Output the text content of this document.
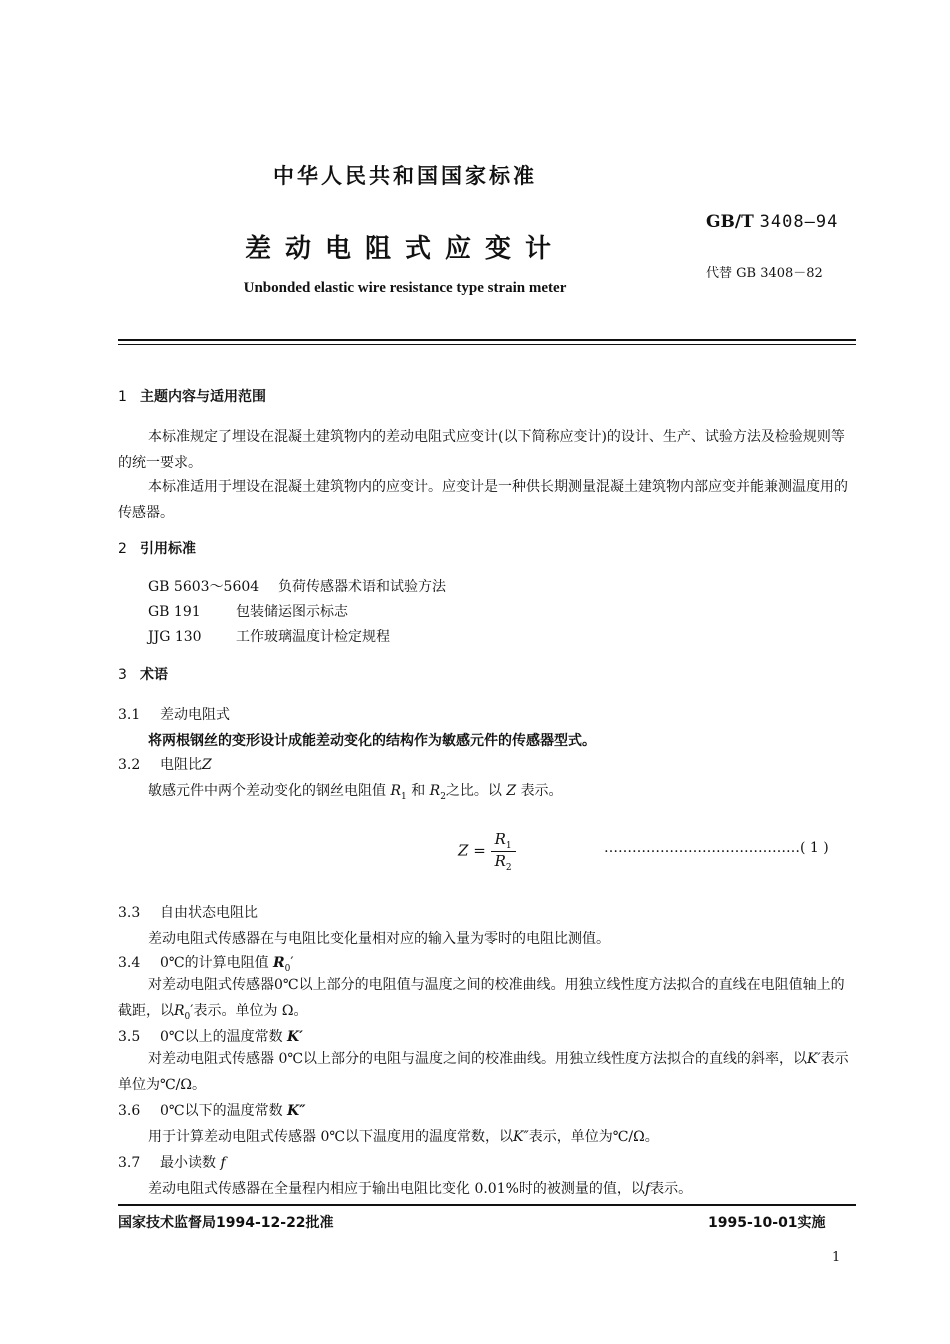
中华人民共和国国家标准
GB/T 3408—94
差动电阻式应变计
代替 GB 3408－82
Unbonded elastic wire resistance type strain meter
1 主题内容与适用范围
本标准规定了埋设在混凝土建筑物内的差动电阻式应变计(以下简称应变计)的设计、生产、试验方法及检验规则等的统一要求。
本标准适用于埋设在混凝土建筑物内的应变计。应变计是一种供长期测量混凝土建筑物内部应变并能兼测温度用的传感器。
2 引用标准
GB 5603～5604 负荷传感器术语和试验方法
GB 191	包装储运图示标志
JJG 130 工作玻璃温度计检定规程
3 术语
3.1 差动电阻式
将两根钢丝的变形设计成能差动变化的结构作为敏感元件的传感器型式。
3.2 电阻比Z
敏感元件中两个差动变化的钢丝电阻值 $R_1$ 和 $R_2$之比。以 Z 表示。
$Z = \frac{R_1}{R_2}$	……………………………………( 1 )
3.3 自由状态电阻比
差动电阻式传感器在与电阻比变化量相对应的输入量为零时的电阻比测值。
3.4 0℃的计算电阻值 $R_0'$
对差动电阻式传感器0℃以上部分的电阻值与温度之间的校准曲线。用独立线性度方法拟合的直线在电阻值轴上的截距，以$R_0'$表示。单位为 Ω。
3.5 0℃以上的温度常数 K′
对差动电阻式传感器 0℃以上部分的电阻与温度之间的校准曲线。用独立线性度方法拟合的直线的斜率，以K′表示单位为℃/Ω。
3.6 0℃以下的温度常数 K″
用于计算差动电阻式传感器 0℃以下温度用的温度常数，以K″表示，单位为℃/Ω。
3.7 最小读数 f
差动电阻式传感器在全量程内相应于输出电阻比变化 0.01%时的被测量的值，以f表示。
国家技术监督局1994-12-22批准	1995-10-01实施
1
